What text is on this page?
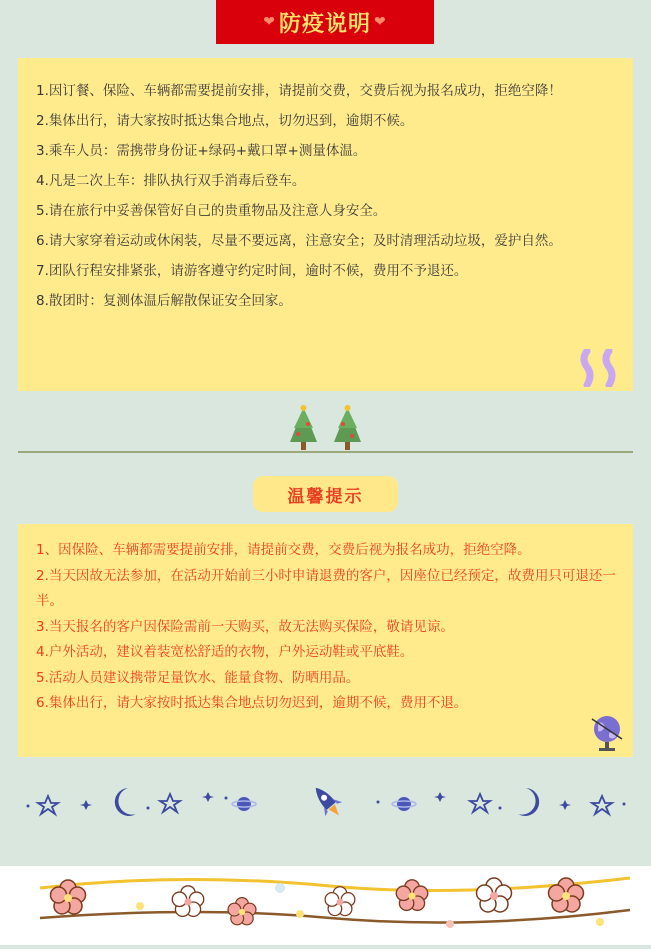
❤ 防疫说明 ❤

1.因订餐、保险、车辆都需要提前安排，请提前交费，交费后视为报名成功，拒绝空降！

2.集体出行，请大家按时抵达集合地点，切勿迟到，逾期不候。

3.乘车人员：需携带身份证+绿码+戴口罩+测量体温。

4.凡是二次上车：排队执行双手消毒后登车。

5.请在旅行中妥善保管好自己的贵重物品及注意人身安全。

6.请大家穿着运动或休闲装，尽量不要远离，注意安全；及时清理活动垃圾，爱护自然。

7.团队行程安排紧张，请游客遵守约定时间，逾时不候，费用不予退还。

8.散团时：复测体温后解散保证安全回家。

温馨提示

1、因保险、车辆都需要提前安排，请提前交费，交费后视为报名成功，拒绝空降。

2.当天因故无法参加，在活动开始前三小时申请退费的客户，因座位已经预定，故费用只可退还一半。

3.当天报名的客户因保险需前一天购买，故无法购买保险，敬请见谅。

4.户外活动，建议着装宽松舒适的衣物，户外运动鞋或平底鞋。

5.活动人员建议携带足量饮水、能量食物、防晒用品。

6.集体出行，请大家按时抵达集合地点切勿迟到，逾期不候，费用不退。
